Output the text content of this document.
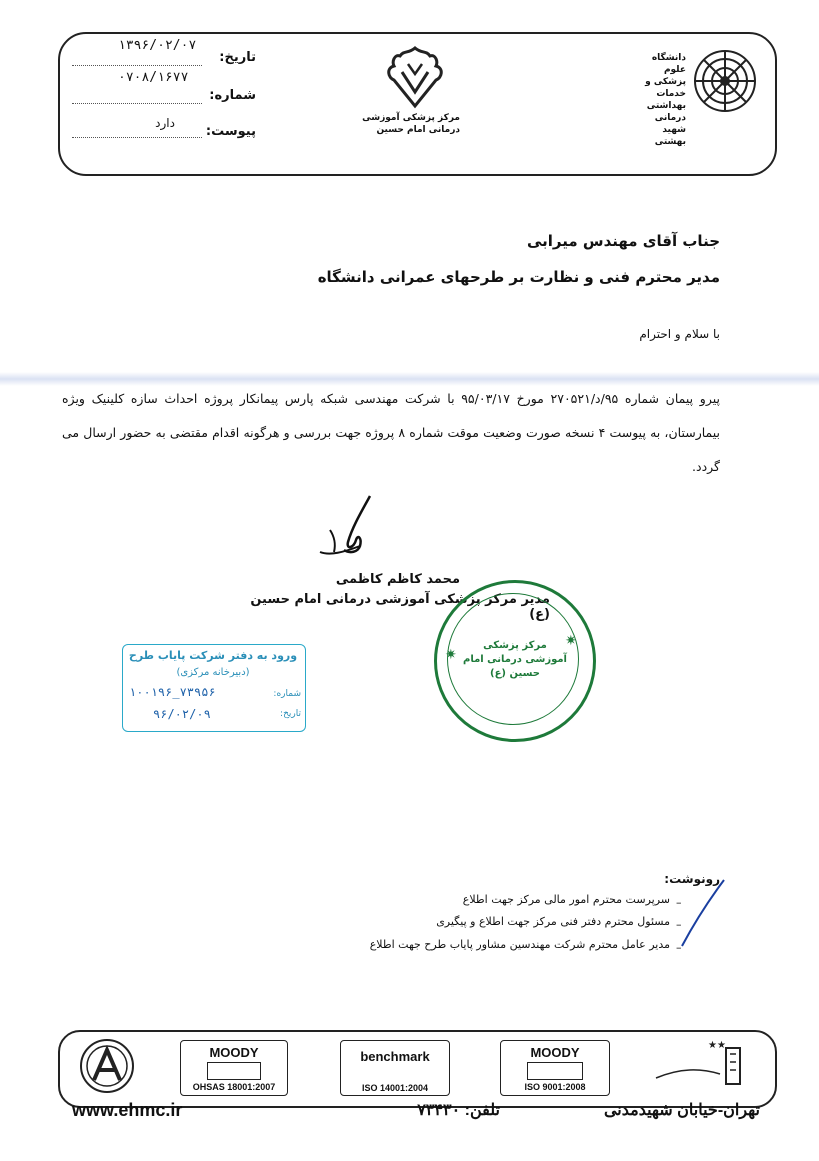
تاریخ:
۱۳۹۶/۰۲/۰۷
شماره:
۰۷۰۸/۱۶۷۷
پیوست:
دارد	مرکز پزشکی آموزشی درمانی امام حسین
دانشگاه علوم پزشکی و خدمات بهداشتی درمانی شهید بهشتی
جناب آقای مهندس میرابی
مدیر محترم فنی و نظارت بر طرحهای عمرانی دانشگاه
با سلام و احترام
پیرو پیمان شماره ۹۵/د/۲۷۰۵۲۱ مورخ ۹۵/۰۳/۱۷ با شرکت مهندسی شبکه پارس پیمانکار پروژه احداث سازه کلینیک ویژه بیمارستان، به پیوست ۴ نسخه صورت وضعیت موقت شماره ۸ پروژه جهت بررسی و هرگونه اقدام مقتضی به حضور ارسال می گردد.
محمد کاظم کاظمی
مدیر مرکز پزشکی آموزشی درمانی امام حسین (ع)
مرکز پزشکی آموزشی درمانی امام حسین (ع)
✷
✷
ورود به دفتر شرکت پایاب طرح
(دبیرخانه مرکزی)
شماره:
۱۰۰۱۹۶_۷۳۹۵۶
تاریخ:
۹۶/۰۲/۰۹
رونوشت:
سرپرست محترم امور مالی مرکز جهت اطلاع
مسئول محترم دفتر فنی مرکز جهت اطلاع و پیگیری
مدیر عامل محترم شرکت مهندسین مشاور پایاب طرح جهت اطلاع
–
–
–
MOODY
OHSAS 18001:2007
benchmark

ISO 14001:2004
MOODY
ISO 9001:2008
★★
www.ehmc.ir	تلفن: ۷۳۴۳۰	تهران-خیابان شهیدمدنی
